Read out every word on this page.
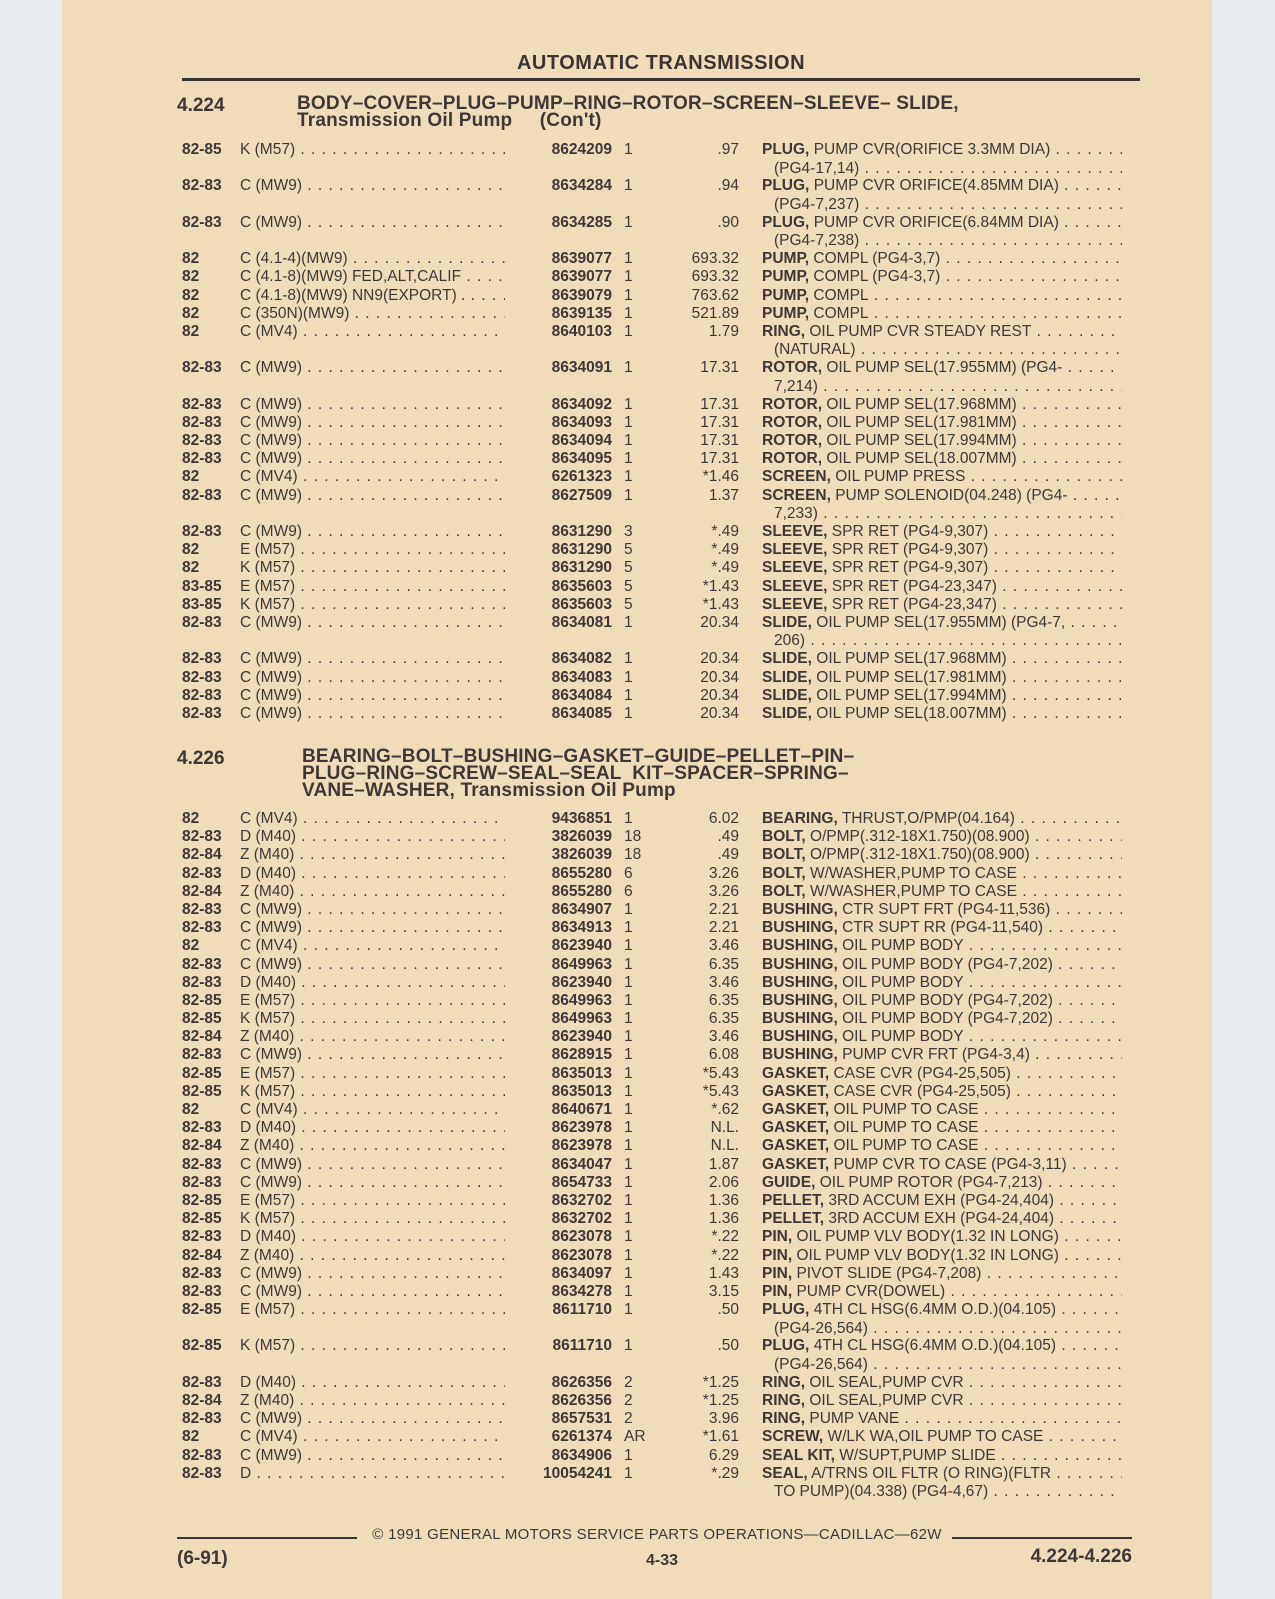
AUTOMATIC TRANSMISSION
4.224	BODY–COVER–PLUG–PUMP–RING–ROTOR–SCREEN–SLEEVE– SLIDE,
Transmission Oil Pump     (Con't)
82-85	K (M57) . . .	8624209 1	.97 PLUG, PUMP CVR(ORIFICE 3.3MM DIA) . . .
(PG4-17,14) . . .
82-83	C (MW9) . . .	8634284 1	.94 PLUG, PUMP CVR ORIFICE(4.85MM DIA) . . .
(PG4-7,237) . . .
82-83	C (MW9) . . .	8634285 1	.90 PLUG, PUMP CVR ORIFICE(6.84MM DIA) . . .
(PG4-7,238) . . .
82	C (4.1-4)(MW9) . . .	8639077 1	693.32 PUMP, COMPL (PG4-3,7) . . .
82	C (4.1-8)(MW9) FED,ALT,CALIF . . .	8639077 1	693.32 PUMP, COMPL (PG4-3,7) . . .
82	C (4.1-8)(MW9) NN9(EXPORT) . . . .	8639079 1	763.62 PUMP, COMPL . . .
82	C (350N)(MW9) . . .	8639135 1	521.89 PUMP, COMPL . . .
82	C (MV4) . . .	8640103 1	1.79 RING, OIL PUMP CVR STEADY REST . . .
(NATURAL) . . .
82-83	C (MW9) . . .	8634091 1	17.31 ROTOR, OIL PUMP SEL(17.955MM) (PG4- . . .
7,214) . . .
82-83	C (MW9) . . .	8634092 1	17.31 ROTOR, OIL PUMP SEL(17.968MM) . . .
82-83	C (MW9) . . .	8634093 1	17.31 ROTOR, OIL PUMP SEL(17.981MM) . . .
82-83	C (MW9) . . .	8634094 1	17.31 ROTOR, OIL PUMP SEL(17.994MM) . . .
82-83	C (MW9) . . .	8634095 1	17.31 ROTOR, OIL PUMP SEL(18.007MM) . . .
82	C (MV4) . . .	6261323 1	*1.46 SCREEN, OIL PUMP PRESS . . .
82-83	C (MW9) . . .	8627509 1	1.37 SCREEN, PUMP SOLENOID(04.248) (PG4- . . .
7,233) . . .
82-83	C (MW9) . . .	8631290 3	*.49 SLEEVE, SPR RET (PG4-9,307) . . .
82	E (M57) . . .	8631290 5	*.49 SLEEVE, SPR RET (PG4-9,307) . . .
82	K (M57) . . .	8631290 5	*.49 SLEEVE, SPR RET (PG4-9,307) . . .
83-85	E (M57) . . .	8635603 5	*1.43 SLEEVE, SPR RET (PG4-23,347) . . .
83-85	K (M57) . . .	8635603 5	*1.43 SLEEVE, SPR RET (PG4-23,347) . . .
82-83	C (MW9) . . .	8634081 1	20.34 SLIDE, OIL PUMP SEL(17.955MM) (PG4-7, . . .
206) . . .
82-83	C (MW9) . . .	8634082 1	20.34 SLIDE, OIL PUMP SEL(17.968MM) . . .
82-83	C (MW9) . . .	8634083 1	20.34 SLIDE, OIL PUMP SEL(17.981MM) . . .
82-83	C (MW9) . . .	8634084 1	20.34 SLIDE, OIL PUMP SEL(17.994MM) . . .
82-83	C (MW9) . . .	8634085 1	20.34 SLIDE, OIL PUMP SEL(18.007MM) . . .
4.226	BEARING–BOLT–BUSHING–GASKET–GUIDE–PELLET–PIN–
PLUG–RING–SCREW–SEAL–SEAL  KIT–SPACER–SPRING–
VANE–WASHER, Transmission Oil Pump
82	C (MV4) . . .	9436851 1	6.02 BEARING, THRUST,O/PMP(04.164) . . .
82-83	D (M40) . . .	3826039 18	.49 BOLT, O/PMP(.312-18X1.750)(08.900) . . .
82-84	Z (M40) . . .	3826039 18	.49 BOLT, O/PMP(.312-18X1.750)(08.900) . . .
82-83	D (M40) . . .	8655280 6	3.26 BOLT, W/WASHER,PUMP TO CASE . . .
82-84	Z (M40) . . .	8655280 6	3.26 BOLT, W/WASHER,PUMP TO CASE . . .
82-83	C (MW9) . . .	8634907 1	2.21 BUSHING, CTR SUPT FRT (PG4-11,536) . . .
82-83	C (MW9) . . .	8634913 1	2.21 BUSHING, CTR SUPT RR (PG4-11,540) . . .
82	C (MV4) . . .	8623940 1	3.46 BUSHING, OIL PUMP BODY . . .
82-83	C (MW9) . . .	8649963 1	6.35 BUSHING, OIL PUMP BODY (PG4-7,202) . . .
82-83	D (M40) . . .	8623940 1	3.46 BUSHING, OIL PUMP BODY . . .
82-85	E (M57) . . .	8649963 1	6.35 BUSHING, OIL PUMP BODY (PG4-7,202) . . .
82-85	K (M57) . . .	8649963 1	6.35 BUSHING, OIL PUMP BODY (PG4-7,202) . . .
82-84	Z (M40) . . .	8623940 1	3.46 BUSHING, OIL PUMP BODY . . .
82-83	C (MW9) . . .	8628915 1	6.08 BUSHING, PUMP CVR FRT (PG4-3,4) . . .
82-85	E (M57) . . .	8635013 1	*5.43 GASKET, CASE CVR (PG4-25,505) . . .
82-85	K (M57) . . .	8635013 1	*5.43 GASKET, CASE CVR (PG4-25,505) . . .
82	C (MV4) . . .	8640671 1	*.62 GASKET, OIL PUMP TO CASE . . .
82-83	D (M40) . . .	8623978 1	N.L. GASKET, OIL PUMP TO CASE . . .
82-84	Z (M40) . . .	8623978 1	N.L. GASKET, OIL PUMP TO CASE . . .
82-83	C (MW9) . . .	8634047 1	1.87 GASKET, PUMP CVR TO CASE (PG4-3,11) . . .
82-83	C (MW9) . . .	8654733 1	2.06 GUIDE, OIL PUMP ROTOR (PG4-7,213) . . .
82-85	E (M57) . . .	8632702 1	1.36 PELLET, 3RD ACCUM EXH (PG4-24,404) . . .
82-85	K (M57) . . .	8632702 1	1.36 PELLET, 3RD ACCUM EXH (PG4-24,404) . . .
82-83	D (M40) . . .	8623078 1	*.22 PIN, OIL PUMP VLV BODY(1.32 IN LONG) . . .
82-84	Z (M40) . . .	8623078 1	*.22 PIN, OIL PUMP VLV BODY(1.32 IN LONG) . . .
82-83	C (MW9) . . .	8634097 1	1.43 PIN, PIVOT SLIDE (PG4-7,208) . . .
82-83	C (MW9) . . .	8634278 1	3.15 PIN, PUMP CVR(DOWEL) . . .
82-85	E (M57) . . .	8611710 1	.50 PLUG, 4TH CL HSG(6.4MM O.D.)(04.105) . . .
(PG4-26,564) . . .
82-85	K (M57) . . .	8611710 1	.50 PLUG, 4TH CL HSG(6.4MM O.D.)(04.105) . . .
(PG4-26,564) . . .
82-83	D (M40) . . .	8626356 2	*1.25 RING, OIL SEAL,PUMP CVR . . .
82-84	Z (M40) . . .	8626356 2	*1.25 RING, OIL SEAL,PUMP CVR . . .
82-83	C (MW9) . . .	8657531 2	3.96 RING, PUMP VANE . . .
82	C (MV4) . . .	6261374 AR	*1.61 SCREW, W/LK WA,OIL PUMP TO CASE . . .
82-83	C (MW9) . . .	8634906 1	6.29 SEAL KIT, W/SUPT,PUMP SLIDE . . .
82-83	D . . .	10054241 1	*.29 SEAL, A/TRNS OIL FLTR (O RING)(FLTR . . .
TO PUMP)(04.338) (PG4-4,67) . . .
© 1991 GENERAL MOTORS SERVICE PARTS OPERATIONS—CADILLAC—62W
(6-91)	4-33	4.224-4.226
